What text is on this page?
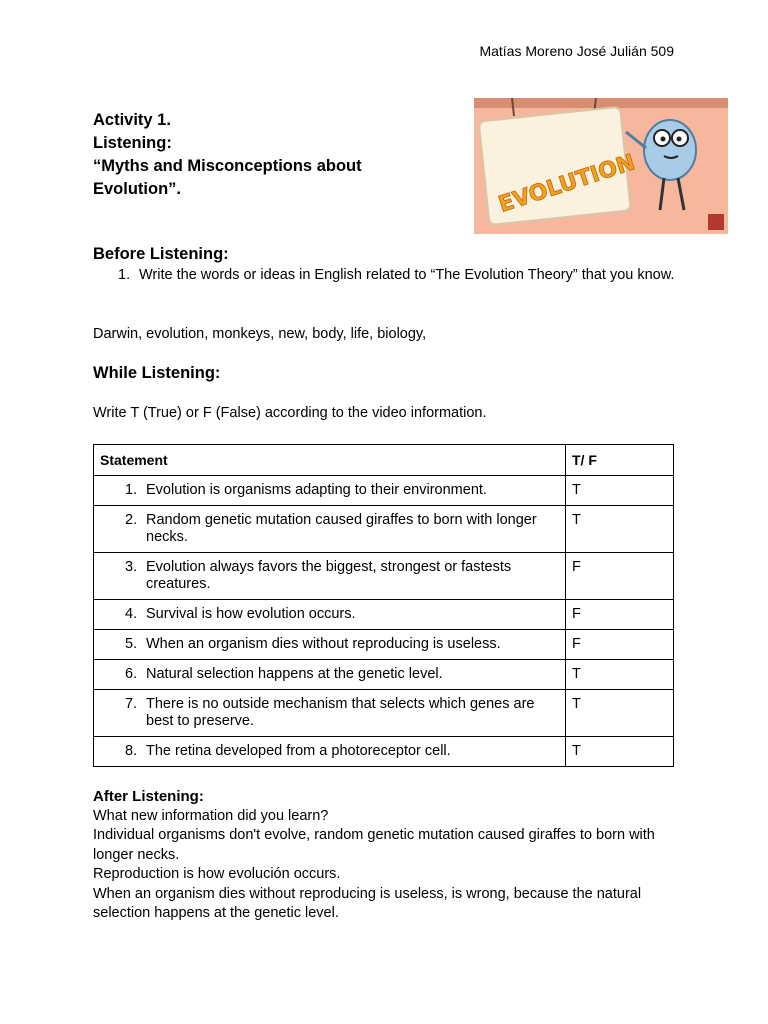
Matías Moreno José Julián 509
Activity 1.
Listening:
“Myths and Misconceptions about
Evolution”.	EVOLUTION
Before Listening:
1. Write the words or ideas in English related to “The Evolution Theory” that you know.
Darwin, evolution, monkeys, new, body, life, biology,
While Listening:
Write T (True) or F (False) according to the video information.
Statement	T/ F

1. Evolution is organisms adapting to their environment.	T

2. Random genetic mutation caused giraffes to born with longer necks.	T

3. Evolution always favors the biggest, strongest or fastests creatures.	F

4. Survival is how evolution occurs.	F

5. When an organism dies without reproducing is useless.	F

6. Natural selection happens at the genetic level.	T

7. There is no outside mechanism that selects which genes are best to preserve.	T

8. The retina developed from a photoreceptor cell.	T
After Listening:
What new information did you learn?
Individual organisms don't evolve, random genetic mutation caused giraffes to born with longer necks.
Reproduction is how evolución occurs.
When an organism dies without reproducing is useless, is wrong, because the natural selection happens at the genetic level.
